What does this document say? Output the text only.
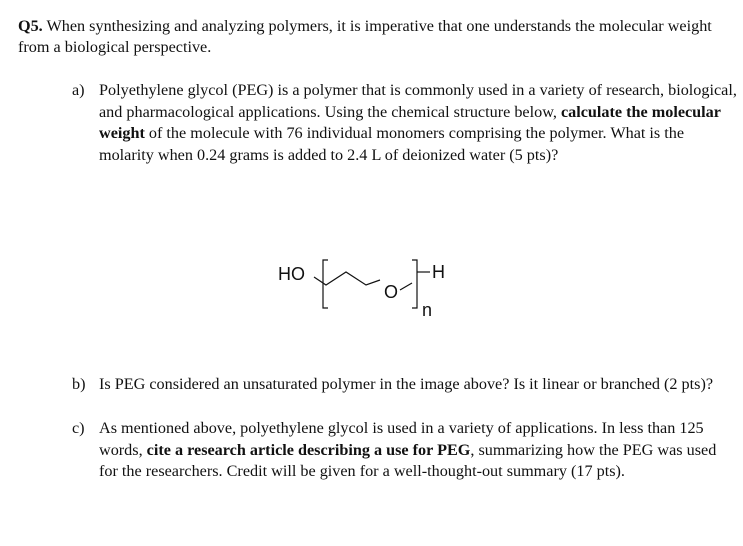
Q5. When synthesizing and analyzing polymers, it is imperative that one understands the molecular weight from a biological perspective.
a) Polyethylene glycol (PEG) is a polymer that is commonly used in a variety of research, biological, and pharmacological applications. Using the chemical structure below, calculate the molecular weight of the molecule with 76 individual monomers comprising the polymer. What is the molarity when 0.24 grams is added to 2.4 L of deionized water (5 pts)?
HO
O
H
n
b) Is PEG considered an unsaturated polymer in the image above? Is it linear or branched (2 pts)?
c) As mentioned above, polyethylene glycol is used in a variety of applications. In less than 125 words, cite a research article describing a use for PEG, summarizing how the PEG was used for the researchers. Credit will be given for a well-thought-out summary (17 pts).
